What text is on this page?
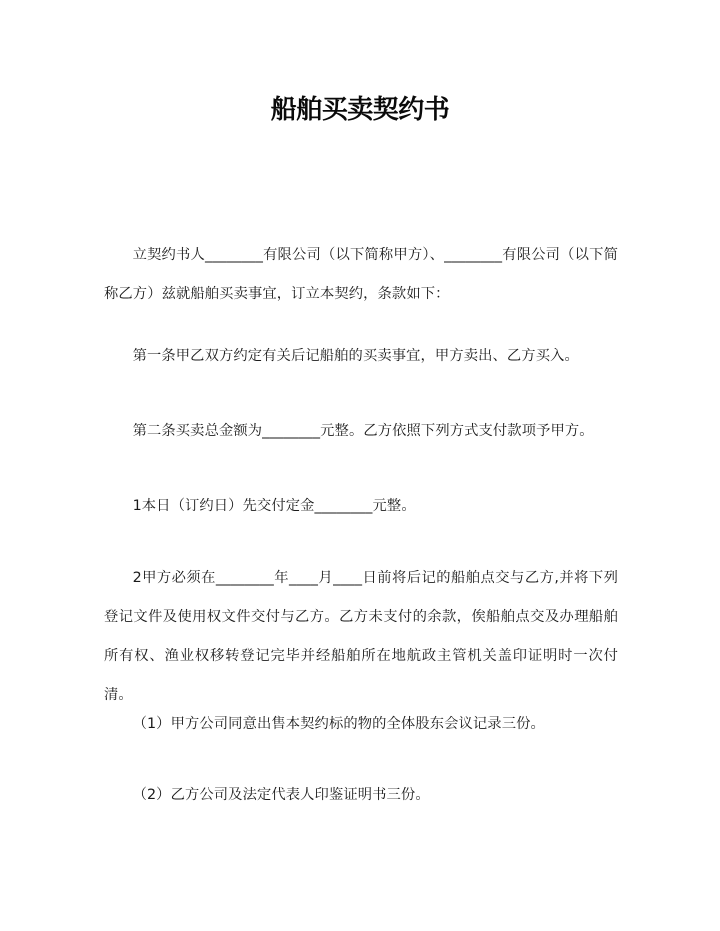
船舶买卖契约书

立契约书人________有限公司（以下简称甲方）、________有限公司（以下简称乙方）兹就船舶买卖事宜，订立本契约，条款如下：

第一条甲乙双方约定有关后记船舶的买卖事宜，甲方卖出、乙方买入。

第二条买卖总金额为________元整。乙方依照下列方式支付款项予甲方。

1本日（订约日）先交付定金________元整。

2甲方必须在________年____月____日前将后记的船舶点交与乙方,并将下列登记文件及使用权文件交付与乙方。乙方未支付的余款，俟船舶点交及办理船舶所有权、渔业权移转登记完毕并经船舶所在地航政主管机关盖印证明时一次付清。

（1）甲方公司同意出售本契约标的物的全体股东会议记录三份。

（2）乙方公司及法定代表人印鉴证明书三份。
